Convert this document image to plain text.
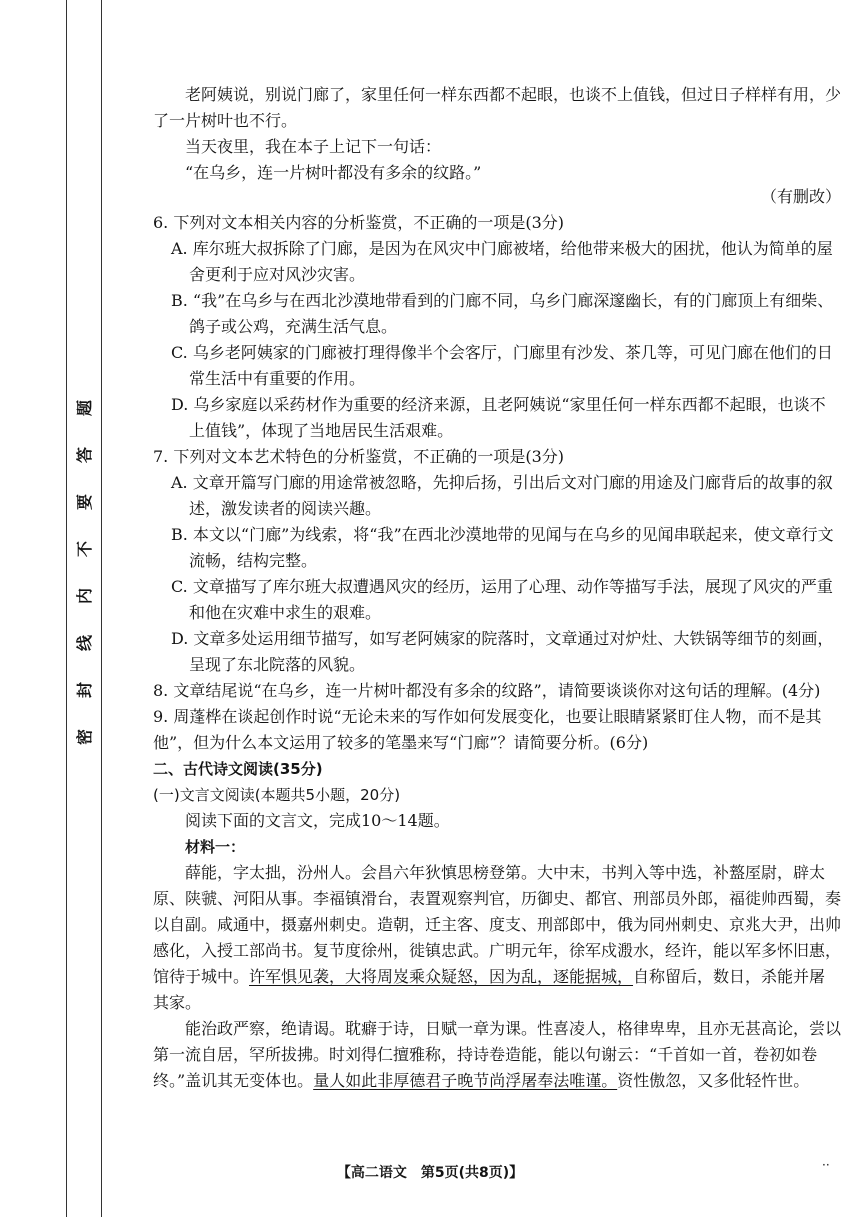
题
答
要
不
内
线
封
密

老阿姨说，别说门廊了，家里任何一样东西都不起眼，也谈不上值钱，但过日子样样有用，少了一片树叶也不行。

当天夜里，我在本子上记下一句话：

“在乌乡，连一片树叶都没有多余的纹路。”

（有删改）

6. 下列对文本相关内容的分析鉴赏，不正确的一项是(3分)

A. 库尔班大叔拆除了门廊，是因为在风灾中门廊被堵，给他带来极大的困扰，他认为简单的屋舍更利于应对风沙灾害。

B. “我”在乌乡与在西北沙漠地带看到的门廊不同，乌乡门廊深邃幽长，有的门廊顶上有细柴、鸽子或公鸡，充满生活气息。

C. 乌乡老阿姨家的门廊被打理得像半个会客厅，门廊里有沙发、茶几等，可见门廊在他们的日常生活中有重要的作用。

D. 乌乡家庭以采药材作为重要的经济来源，且老阿姨说“家里任何一样东西都不起眼，也谈不上值钱”，体现了当地居民生活艰难。

7. 下列对文本艺术特色的分析鉴赏，不正确的一项是(3分)

A. 文章开篇写门廊的用途常被忽略，先抑后扬，引出后文对门廊的用途及门廊背后的故事的叙述，激发读者的阅读兴趣。

B. 本文以“门廊”为线索，将“我”在西北沙漠地带的见闻与在乌乡的见闻串联起来，使文章行文流畅，结构完整。

C. 文章描写了库尔班大叔遭遇风灾的经历，运用了心理、动作等描写手法，展现了风灾的严重和他在灾难中求生的艰难。

D. 文章多处运用细节描写，如写老阿姨家的院落时，文章通过对炉灶、大铁锅等细节的刻画，呈现了东北院落的风貌。

8. 文章结尾说“在乌乡，连一片树叶都没有多余的纹路”，请简要谈谈你对这句话的理解。(4分)

9. 周蓬桦在谈起创作时说“无论未来的写作如何发展变化，也要让眼睛紧紧盯住人物，而不是其他”，但为什么本文运用了较多的笔墨来写“门廊”？请简要分析。(6分)

二、古代诗文阅读(35分)

(一)文言文阅读(本题共5小题，20分)

阅读下面的文言文，完成10～14题。

材料一：

薛能，字太拙，汾州人。会昌六年狄慎思榜登第。大中末，书判入等中选，补盩厔尉，辟太原、陕虢、河阳从事。李福镇滑台，表置观察判官，历御史、都官、刑部员外郎，福徙帅西蜀，奏以自副。咸通中，摄嘉州刺史。造朝，迁主客、度支、刑部郎中，俄为同州刺史、京兆大尹，出帅感化，入授工部尚书。复节度徐州，徙镇忠武。广明元年，徐军戍溵水，经许，能以军多怀旧惠，馆待于城中。许军惧见袭，大将周岌乘众疑怒，因为乱，逐能据城，自称留后，数日，杀能并屠其家。

能治政严察，绝请谒。耽癖于诗，日赋一章为课。性喜凌人，格律卑卑，且亦无甚高论，尝以第一流自居，罕所拔拂。时刘得仁擅雅称，持诗卷造能，能以句谢云：“千首如一首，卷初如卷终。”盖讥其无变体也。量人如此非厚德君子晚节尚浮屠奉法唯谨。资性傲忽，又多仳轻忤世。

【高二语文　第5页(共8页)】	··
